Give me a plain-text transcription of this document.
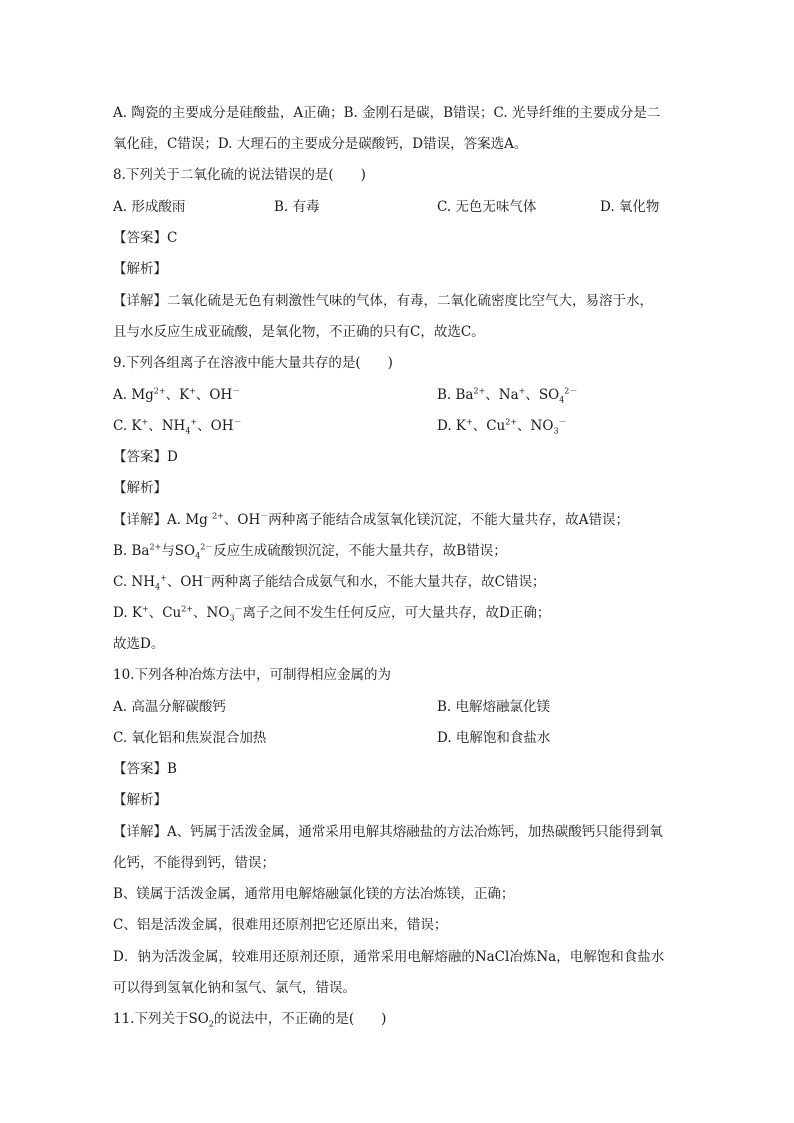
A. 陶瓷的主要成分是硅酸盐，A正确；B. 金刚石是碳，B错误；C. 光导纤维的主要成分是二

氧化硅，C错误；D. 大理石的主要成分是碳酸钙，D错误，答案选A。

8.下列关于二氧化硫的说法错误的是(　　)

A. 形成酸雨	B. 有毒	C. 无色无味气体	D. 氧化物

【答案】C

【解析】

【详解】二氧化硫是无色有刺激性气味的气体，有毒，二氧化硫密度比空气大，易溶于水，

且与水反应生成亚硫酸，是氧化物，不正确的只有C，故选C。

9.下列各组离子在溶液中能大量共存的是(　　)

A. $Mg^{2+}$、K+、OH－	B. $Ba^{2+}$、Na+、$SO_4^{2-}$

C. K+、$NH_4^+$、OH－	D. K+、$Cu^{2+}$、$NO_3^-$

【答案】D

【解析】

【详解】A. Mg $^{2+}$、OH－两种离子能结合成氢氧化镁沉淀，不能大量共存，故A错误；

B. $Ba^{2+}$与$SO_4^{2-}$反应生成硫酸钡沉淀，不能大量共存，故B错误；

C. $NH_4^+$、OH－两种离子能结合成氨气和水，不能大量共存，故C错误；

D. K+、$Cu^{2+}$、$NO_3^-$离子之间不发生任何反应，可大量共存，故D正确；

故选D。

10.下列各种冶炼方法中，可制得相应金属的为

A. 高温分解碳酸钙	B. 电解熔融氯化镁

C. 氧化铝和焦炭混合加热	D. 电解饱和食盐水

【答案】B

【解析】

【详解】A、钙属于活泼金属，通常采用电解其熔融盐的方法冶炼钙，加热碳酸钙只能得到氧

化钙，不能得到钙，错误；

B、镁属于活泼金属，通常用电解熔融氯化镁的方法冶炼镁，正确；

C、铝是活泼金属，很难用还原剂把它还原出来，错误；

D．钠为活泼金属，较难用还原剂还原，通常采用电解熔融的NaCl冶炼Na，电解饱和食盐水

可以得到氢氧化钠和氢气、氯气，错误。

11.下列关于$SO_2$的说法中，不正确的是(　　)
